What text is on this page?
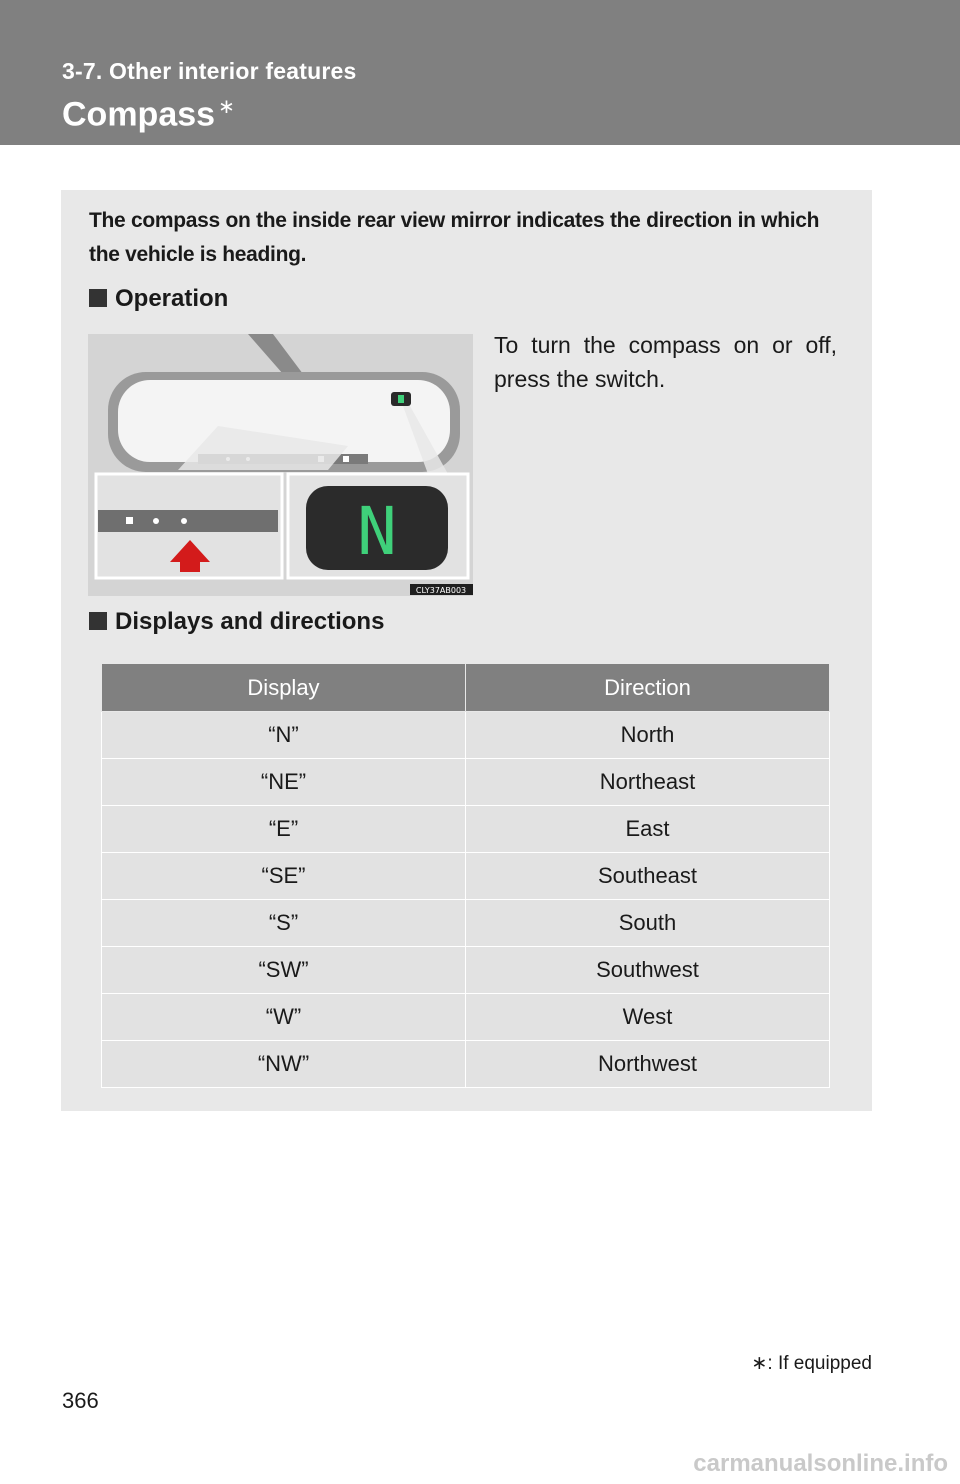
3-7. Other interior features
Compass ∗
The compass on the inside rear view mirror indicates the direction in which the vehicle is heading.
Operation
N
CLY37AB003
To turn the compass on or off, press the switch.
Displays and directions
Display	Direction
“N”	North
“NE”	Northeast
“E”	East
“SE”	Southeast
“S”	South
“SW”	Southwest
“W”	West
“NW”	Northwest
∗: If equipped
366
carmanualsonline.info
